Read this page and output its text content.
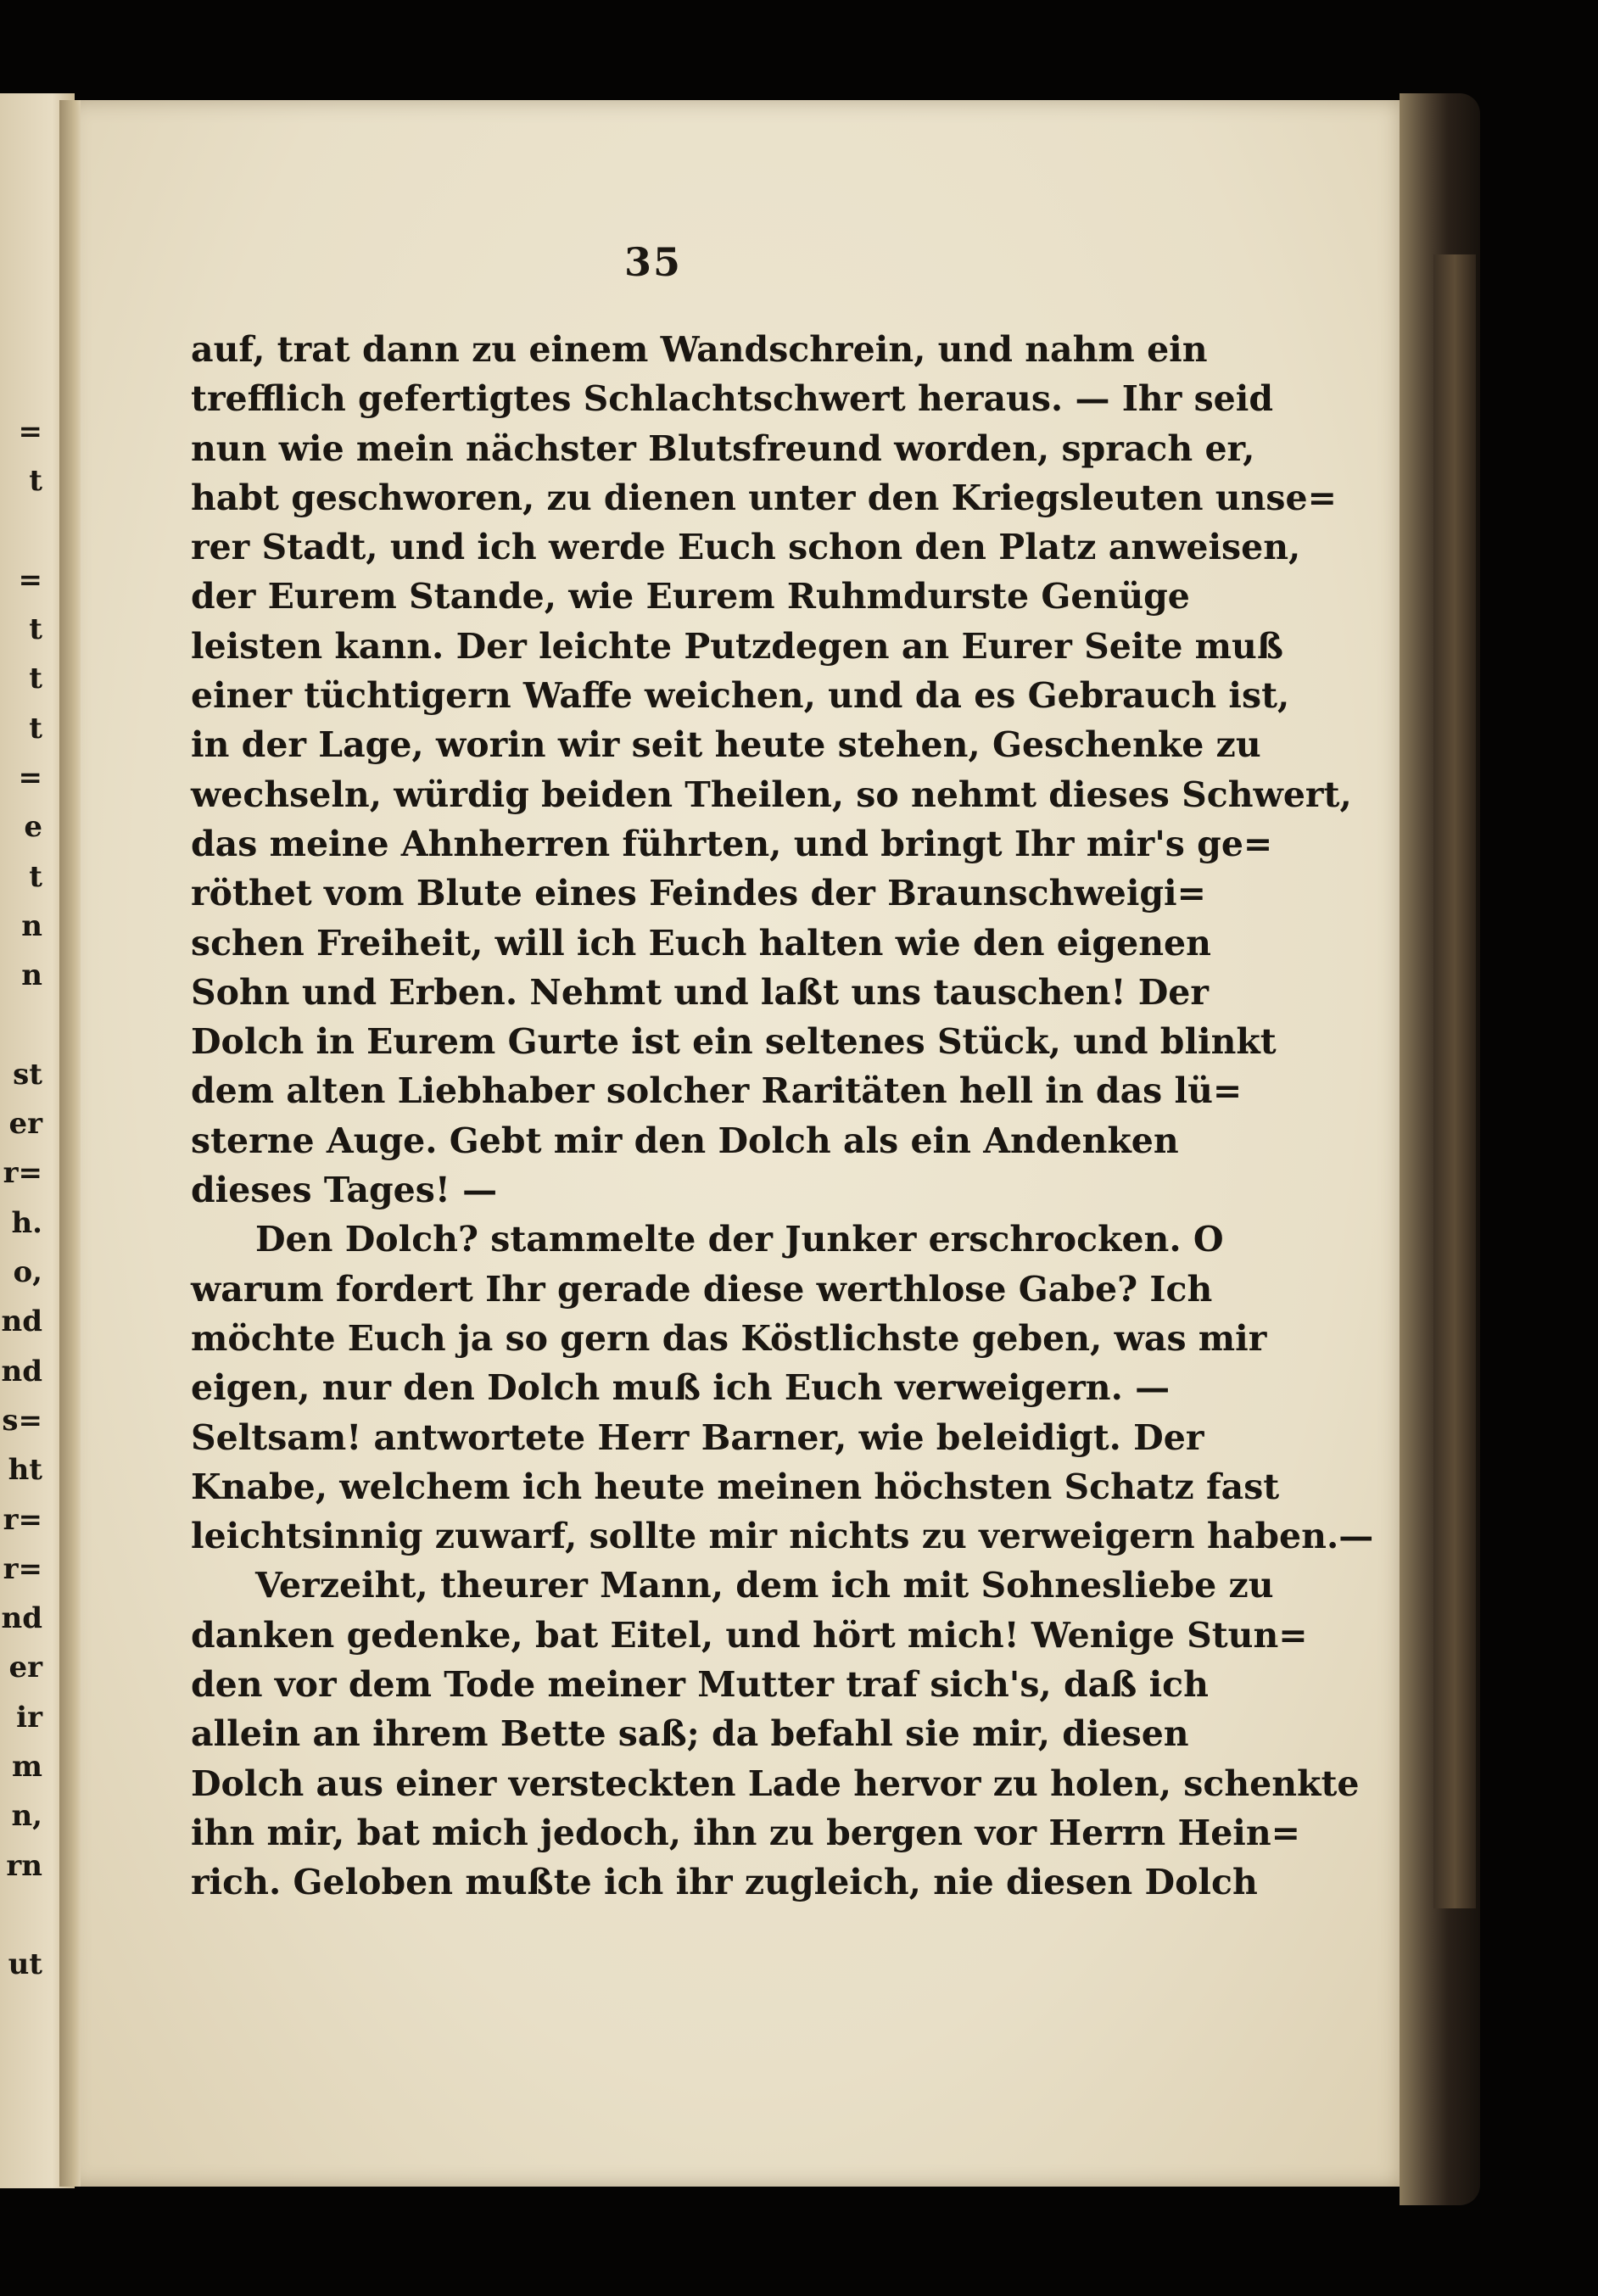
=
t
=
t
t
t
=
e
t
n
n
st
er
r=
h.
o,
nd
nd
s=
ht
r=
r=
nd
er
ir
m
n,
rn
ut
35
auf, trat dann zu einem Wandschrein, und nahm ein
trefflich gefertigtes Schlachtschwert heraus. — Ihr seid
nun wie mein nächster Blutsfreund worden, sprach er,
habt geschworen, zu dienen unter den Kriegsleuten unse=
rer Stadt, und ich werde Euch schon den Platz anweisen,
der Eurem Stande, wie Eurem Ruhmdurste Genüge
leisten kann. Der leichte Putzdegen an Eurer Seite muß
einer tüchtigern Waffe weichen, und da es Gebrauch ist,
in der Lage, worin wir seit heute stehen, Geschenke zu
wechseln, würdig beiden Theilen, so nehmt dieses Schwert,
das meine Ahnherren führten, und bringt Ihr mir's ge=
röthet vom Blute eines Feindes der Braunschweigi=
schen Freiheit, will ich Euch halten wie den eigenen
Sohn und Erben. Nehmt und laßt uns tauschen! Der
Dolch in Eurem Gurte ist ein seltenes Stück, und blinkt
dem alten Liebhaber solcher Raritäten hell in das lü=
sterne Auge. Gebt mir den Dolch als ein Andenken
dieses Tages! —
Den Dolch? stammelte der Junker erschrocken. O
warum fordert Ihr gerade diese werthlose Gabe? Ich
möchte Euch ja so gern das Köstlichste geben, was mir
eigen, nur den Dolch muß ich Euch verweigern. —
Seltsam! antwortete Herr Barner, wie beleidigt. Der
Knabe, welchem ich heute meinen höchsten Schatz fast
leichtsinnig zuwarf, sollte mir nichts zu verweigern haben.—
Verzeiht, theurer Mann, dem ich mit Sohnesliebe zu
danken gedenke, bat Eitel, und hört mich! Wenige Stun=
den vor dem Tode meiner Mutter traf sich's, daß ich
allein an ihrem Bette saß; da befahl sie mir, diesen
Dolch aus einer versteckten Lade hervor zu holen, schenkte
ihn mir, bat mich jedoch, ihn zu bergen vor Herrn Hein=
rich. Geloben mußte ich ihr zugleich, nie diesen Dolch
